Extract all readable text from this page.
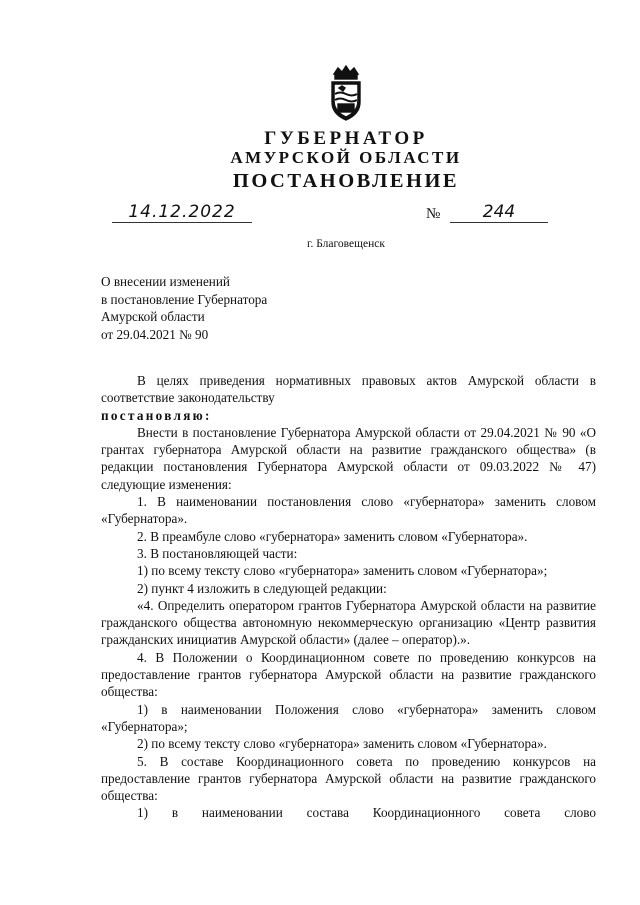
ГУБЕРНАТОР
АМУРСКОЙ ОБЛАСТИ
ПОСТАНОВЛЕНИЕ
14.12.2022	№	244
г. Благовещенск
О внесении изменений
в постановление Губернатора
Амурской области
от 29.04.2021 № 90

В целях приведения нормативных правовых актов Амурской области в соответствие законодательству

постановляю:

Внести в постановление Губернатора Амурской области от 29.04.2021 № 90 «О грантах губернатора Амурской области на развитие гражданского общества» (в редакции постановления Губернатора Амурской области от 09.03.2022 № 47) следующие изменения:

1. В наименовании постановления слово «губернатора» заменить словом «Губернатора».

2. В преамбуле слово «губернатора» заменить словом «Губернатора».

3. В постановляющей части:

1) по всему тексту слово «губернатора» заменить словом «Губернатора»;

2) пункт 4 изложить в следующей редакции:

«4. Определить оператором грантов Губернатора Амурской области на развитие гражданского общества автономную некоммерческую организацию «Центр развития гражданских инициатив Амурской области» (далее – оператор).».

4. В Положении о Координационном совете по проведению конкурсов на предоставление грантов губернатора Амурской области на развитие гражданского общества:

1) в наименовании Положения слово «губернатора» заменить словом «Губернатора»;

2) по всему тексту слово «губернатора» заменить словом «Губернатора».

5. В составе Координационного совета по проведению конкурсов на предоставление грантов губернатора Амурской области на развитие гражданского общества:

1) в наименовании состава Координационного совета слово
